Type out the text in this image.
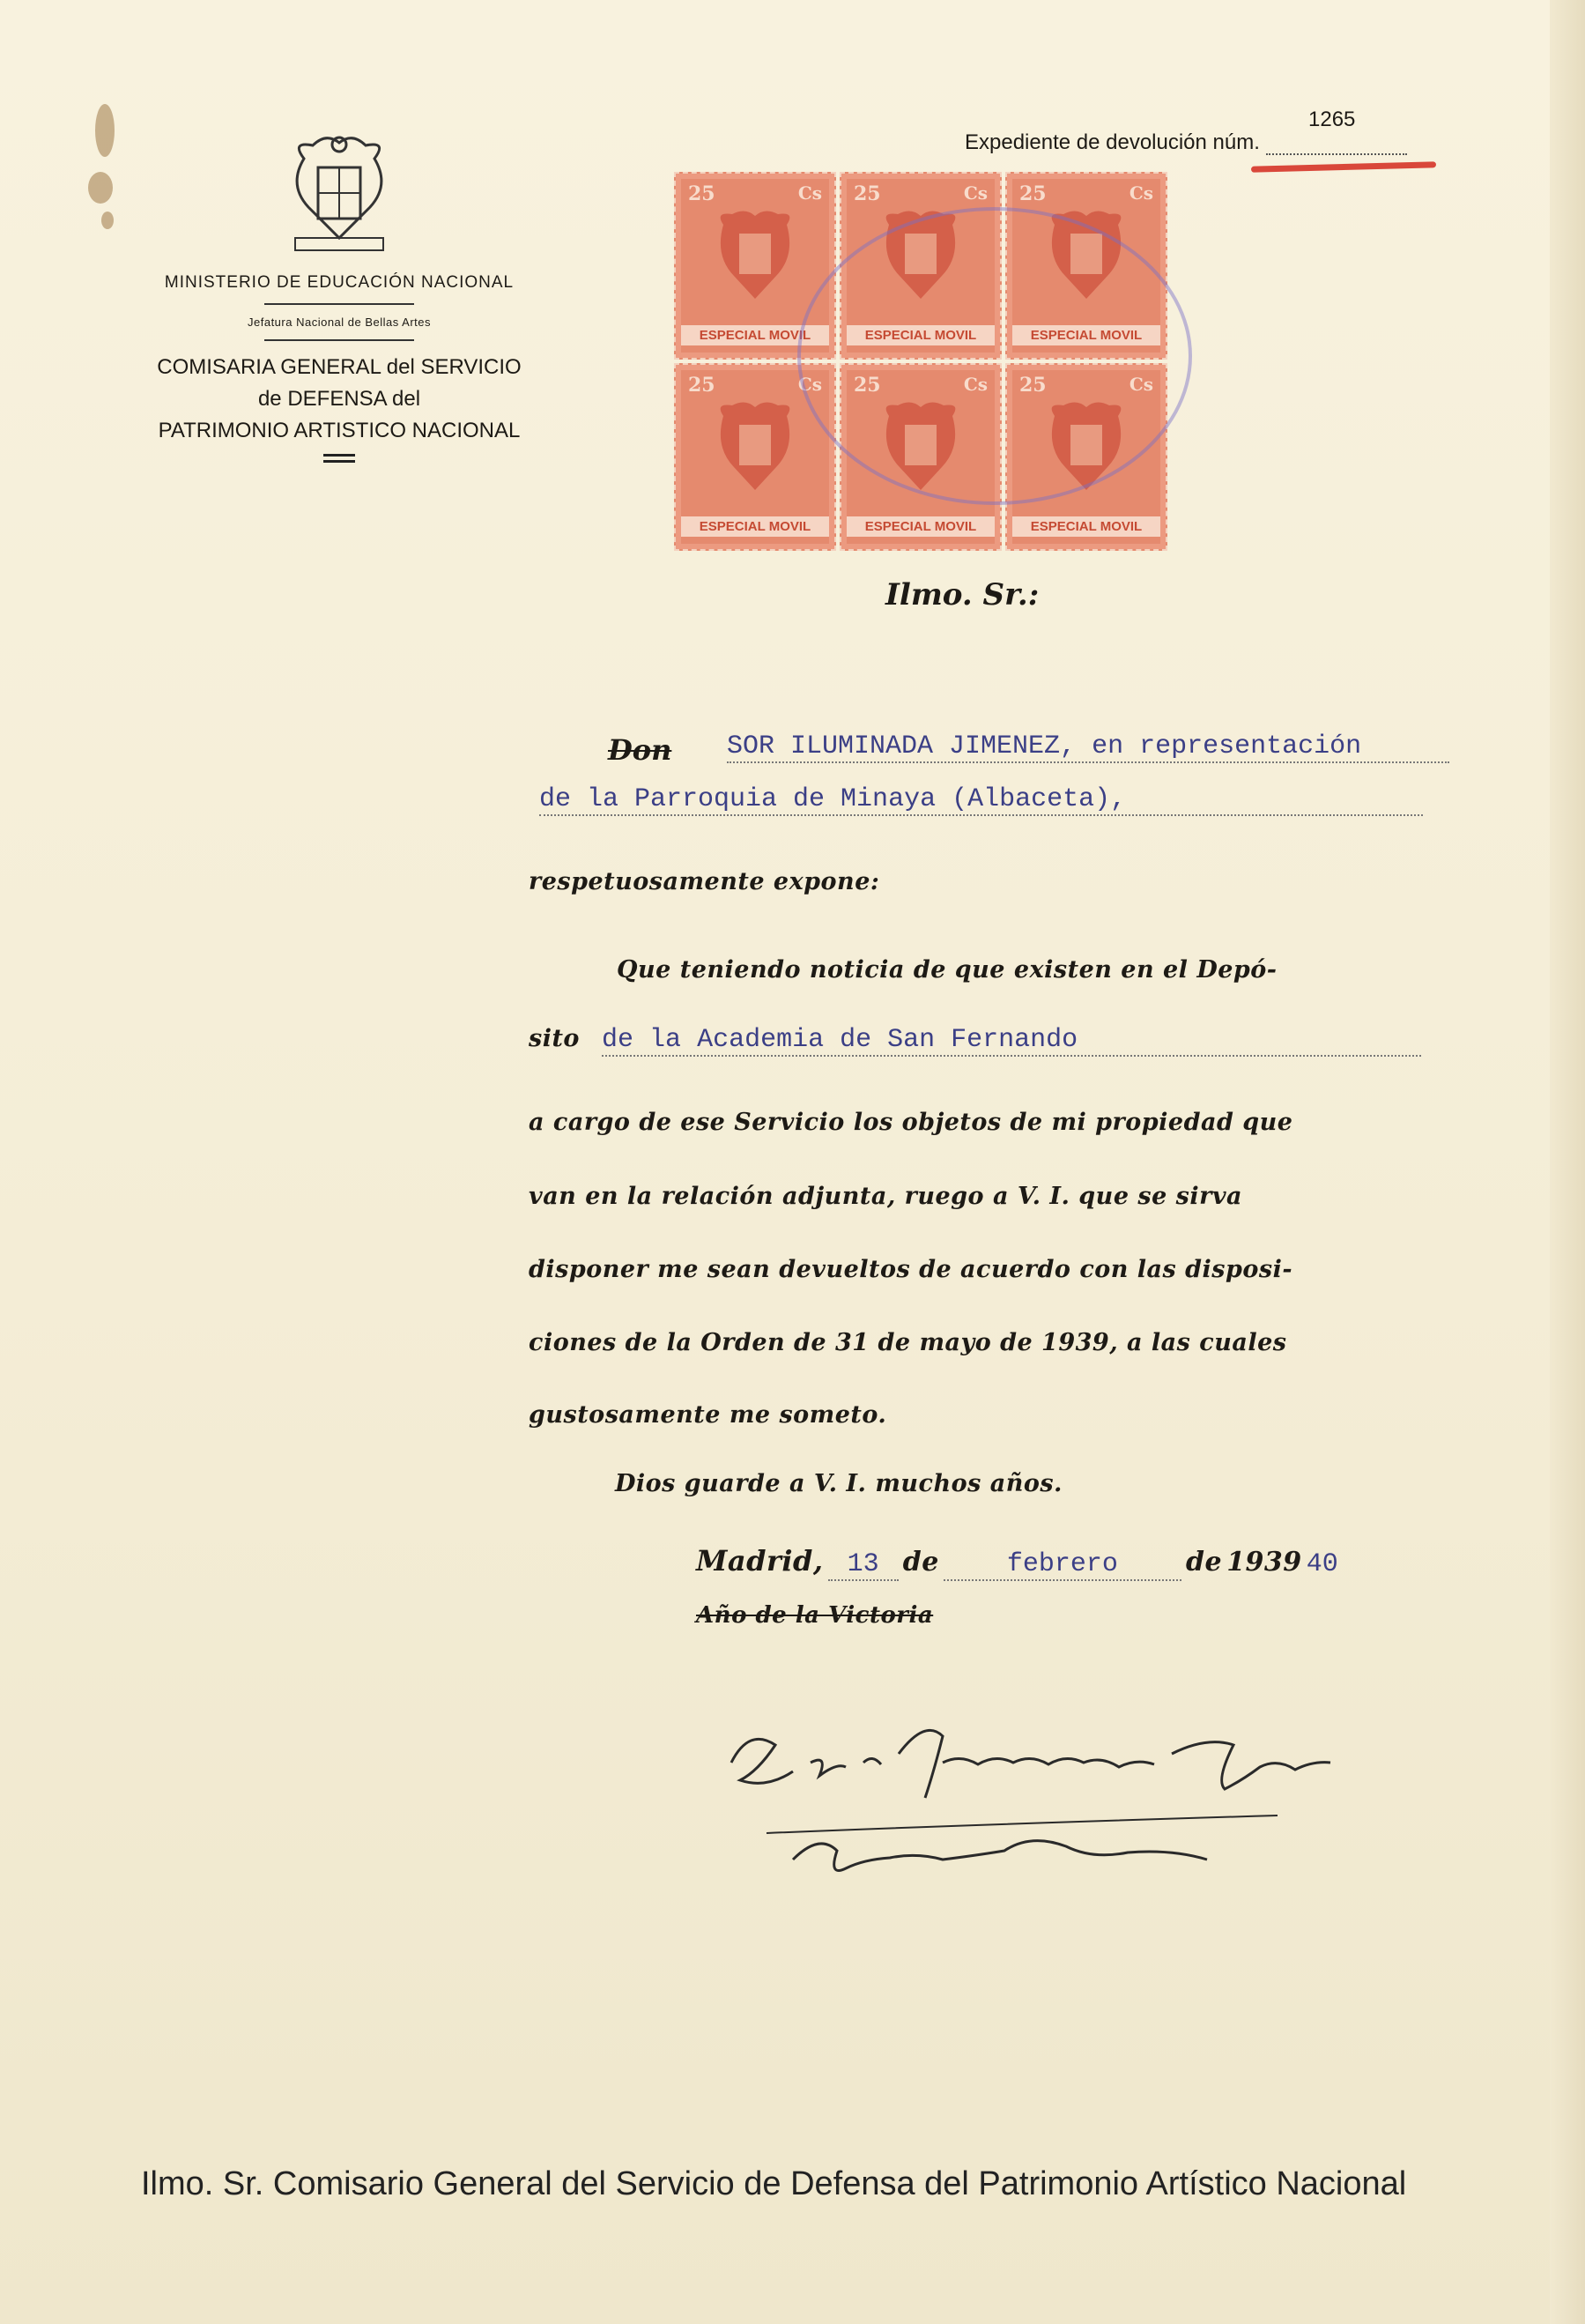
MINISTERIO DE EDUCACIÓN NACIONAL
Jefatura Nacional de Bellas Artes
COMISARIA GENERAL del SERVICIO
de DEFENSA del
PATRIMONIO ARTISTICO NACIONAL
Expediente de devolución núm.
1265
25	Cs
ESPECIAL MOVIL
25	Cs
ESPECIAL MOVIL
25	Cs
ESPECIAL MOVIL
25	Cs
ESPECIAL MOVIL
25	Cs
ESPECIAL MOVIL
25	Cs
ESPECIAL MOVIL
Ilmo. Sr.:
Don SOR ILUMINADA JIMENEZ, en representación
de la Parroquia de Minaya (Albaceta),
respetuosamente expone:
Que teniendo noticia de que existen en el Depó-
sito de la Academia de San Fernando
a cargo de ese Servicio los objetos de mi propiedad que
van en la relación adjunta, ruego a V. I. que se sirva
disponer me sean devueltos de acuerdo con las disposi-
ciones de la Orden de 31 de mayo de 1939, a las cuales
gustosamente me someto.
Dios guarde a V. I. muchos años.
Madrid, 13 de	febrero	de 1939 40
Año de la Victoria
Ilmo. Sr. Comisario General del Servicio de Defensa del Patrimonio Artístico Nacional
